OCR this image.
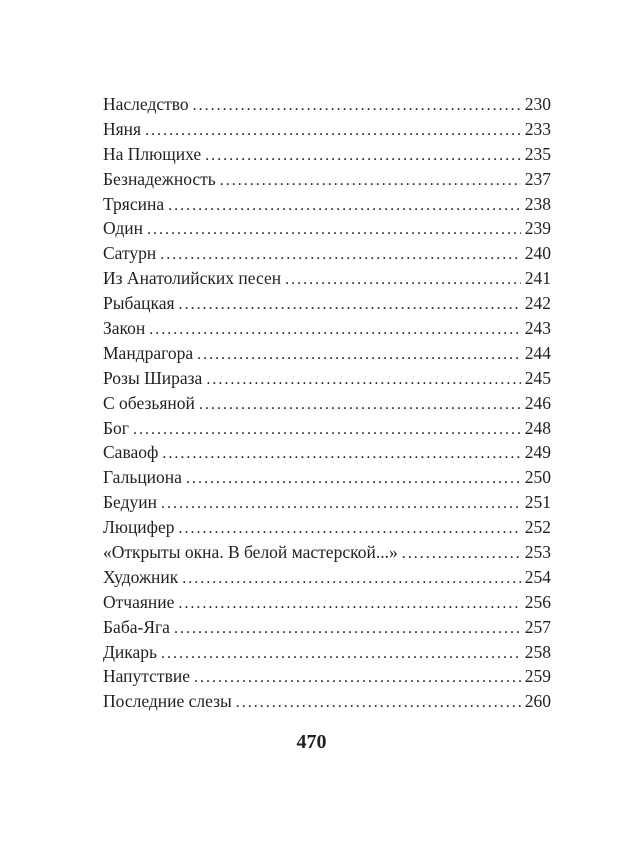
Наследство . . .	230
Няня . . .	233
На Плющихе . . .	235
Безнадежность . . .	237
Трясина . . .	238
Один . . .	239
Сатурн . . .	240
Из Анатолийских песен . . .	241
Рыбацкая . . .	242
Закон . . .	243
Мандрагора . . .	244
Розы Шираза . . .	245
С обезьяной . . .	246
Бог . . .	248
Саваоф . . .	249
Гальциона . . .	250
Бедуин . . .	251
Люцифер . . .	252
«Открыты окна. В белой мастерской...» . . .	253
Художник . . .	254
Отчаяние . . .	256
Баба-Яга . . .	257
Дикарь . . .	258
Напутствие . . .	259
Последние слезы . . .	260
470
